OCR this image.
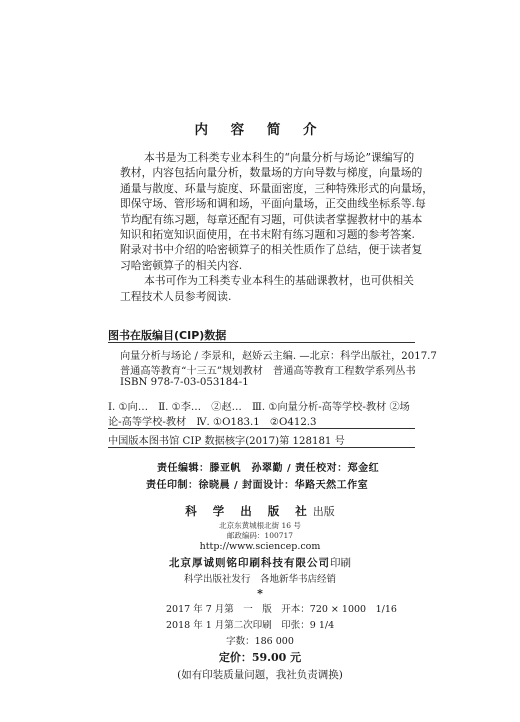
内 容 简 介
本书是为工科类专业本科生的“向量分析与场论”课编写的
教材，内容包括向量分析，数量场的方向导数与梯度，向量场的
通量与散度、环量与旋度、环量面密度，三种特殊形式的向量场，
即保守场、管形场和调和场，平面向量场，正交曲线坐标系等.每
节均配有练习题，每章还配有习题，可供读者掌握教材中的基本
知识和拓宽知识面使用，在书末附有练习题和习题的参考答案.
附录对书中介绍的哈密顿算子的相关性质作了总结，便于读者复
习哈密顿算子的相关内容.
本书可作为工科类专业本科生的基础课教材，也可供相关
工程技术人员参考阅读.
图书在版编目(CIP)数据
向量分析与场论 / 李景和，赵娇云主编. —北京：科学出版社，2017.7
普通高等教育“十三五”规划教材　普通高等教育工程数学系列丛书
ISBN 978-7-03-053184-1
Ⅰ. ①向…　Ⅱ. ①李…　②赵…　Ⅲ. ①向量分析-高等学校-教材 ②场
论-高等学校-教材　Ⅳ. ①O183.1　②O412.3
中国版本图书馆 CIP 数据核字(2017)第 128181 号
责任编辑：滕亚帆　孙翠勤 / 责任校对：郑金红
责任印制：徐晓晨 / 封面设计：华路天然工作室
科 学 出 版 社出版
北京东黄城根北街 16 号
邮政编码：100717
http://www.sciencep.com
北京厚诚则铭印刷科技有限公司印刷
科学出版社发行　各地新华书店经销
*
2017 年 7 月第　一　版　开本：720 × 1000　1/16
2018 年 1 月第二次印刷　印张：9 1/4
字数：186 000
定价：59.00 元
(如有印装质量问题，我社负责调换)
